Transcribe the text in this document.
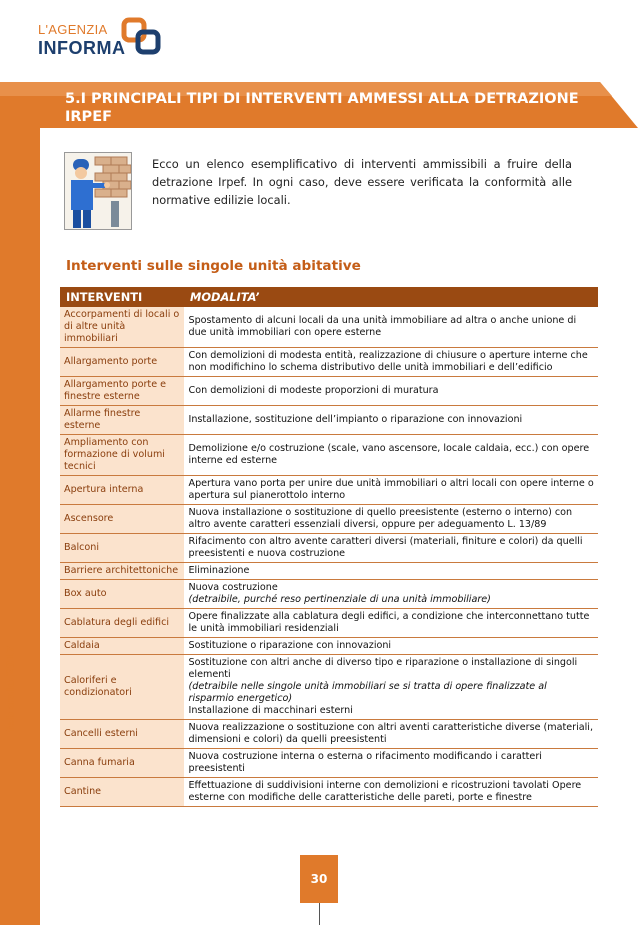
febbraio 2017
L'AGENZIA
INFORMA
5.I PRINCIPALI TIPI DI INTERVENTI AMMESSI ALLA DETRAZIONE IRPEF
Ecco un elenco esemplificativo di interventi ammissibili a fruire della detrazione Irpef. In ogni caso, deve essere verificata la conformità alle normative edilizie locali.
Interventi sulle singole unità abitative
INTERVENTI	MODALITA’
Accorpamenti di locali o di altre unità immobiliari	Spostamento di alcuni locali da una unità immobiliare ad altra o anche unione di due unità immobiliari con opere esterne

Allargamento porte	Con demolizioni di modesta entità, realizzazione di chiusure o aperture interne che non modifichino lo schema distributivo delle unità immobiliari e dell’edificio

Allargamento porte e finestre esterne	Con demolizioni di modeste proporzioni di muratura

Allarme finestre esterne	Installazione, sostituzione dell’impianto o riparazione con innovazioni

Ampliamento con formazione di volumi tecnici	Demolizione e/o costruzione (scale, vano ascensore, locale caldaia, ecc.) con opere interne ed esterne

Apertura interna	Apertura vano porta per unire due unità immobiliari o altri locali con opere interne o apertura sul pianerottolo interno

Ascensore	Nuova installazione o sostituzione di quello preesistente (esterno o interno) con altro avente caratteri essenziali diversi, oppure per adeguamento L. 13/89

Balconi	Rifacimento con altro avente caratteri diversi (materiali, finiture e colori) da quelli preesistenti e nuova costruzione

Barriere architettoniche	Eliminazione

Box auto	Nuova costruzione
(detraibile, purché reso pertinenziale di una unità immobiliare)

Cablatura degli edifici	Opere finalizzate alla cablatura degli edifici, a condizione che interconnettano tutte le unità immobiliari residenziali

Caldaia	Sostituzione o riparazione con innovazioni

Caloriferi e condizionatori	Sostituzione con altri anche di diverso tipo e riparazione o installazione di singoli elementi
(detraibile nelle singole unità immobiliari se si tratta di opere finalizzate al risparmio energetico)
Installazione di macchinari esterni

Cancelli esterni	Nuova realizzazione o sostituzione con altri aventi caratteristiche diverse (materiali, dimensioni e colori) da quelli preesistenti

Canna fumaria	Nuova costruzione interna o esterna o rifacimento modificando i caratteri preesistenti

Cantine	Effettuazione di suddivisioni interne con demolizioni e ricostruzioni tavolati Opere esterne con modifiche delle caratteristiche delle pareti, porte e finestre
30
